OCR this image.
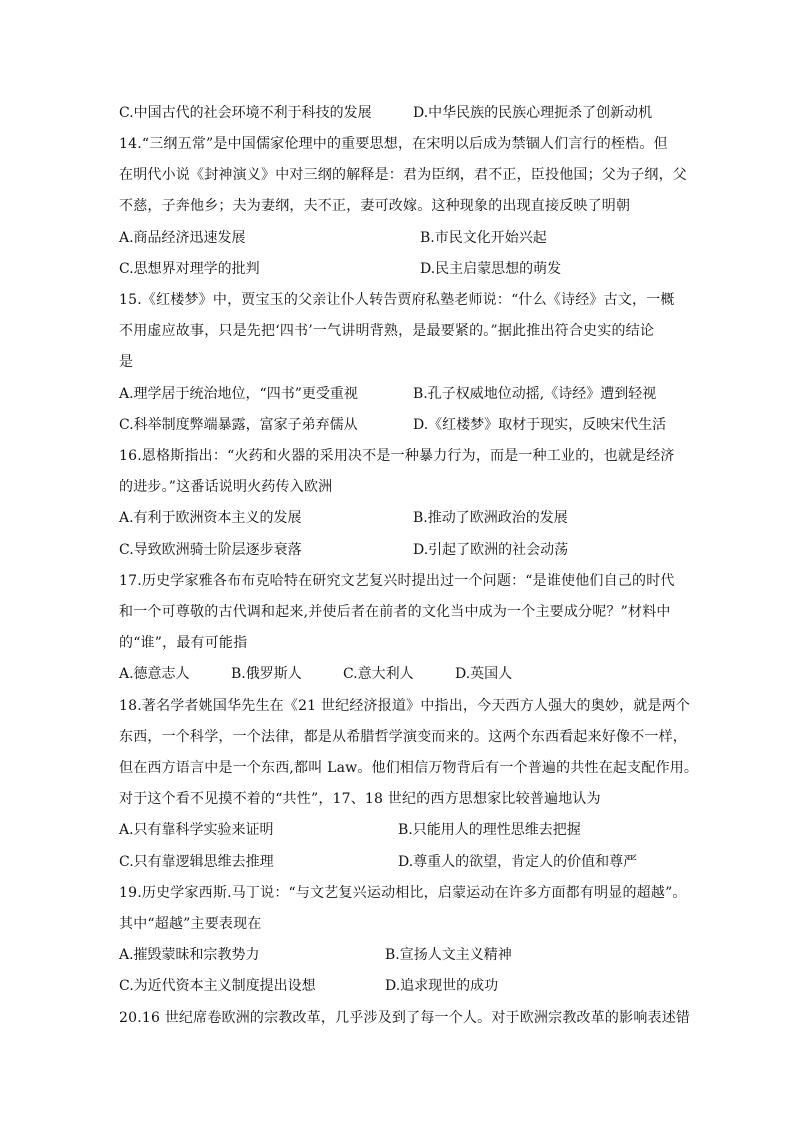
C.中国古代的社会环境不利于科技的发展	D.中华民族的民族心理扼杀了创新动机
14.“三纲五常”是中国儒家伦理中的重要思想，在宋明以后成为禁锢人们言行的桎梏。但
在明代小说《封神演义》中对三纲的解释是：君为臣纲，君不正，臣投他国；父为子纲，父
不慈，子奔他乡；夫为妻纲，夫不正，妻可改嫁。这种现象的出现直接反映了明朝
A.商品经济迅速发展	B.市民文化开始兴起
C.思想界对理学的批判	D.民主启蒙思想的萌发
15.《红楼梦》中，贾宝玉的父亲让仆人转告贾府私塾老师说：“什么《诗经》古文，一概
不用虚应故事，只是先把‘四书’一气讲明背熟，是最要紧的。”据此推出符合史实的结论
是
A.理学居于统治地位，“四书”更受重视	B.孔子权威地位动摇,《诗经》遭到轻视
C.科举制度弊端暴露，富家子弟弃儒从	D.《红楼梦》取材于现实，反映宋代生活
16.恩格斯指出：“火药和火器的采用决不是一种暴力行为，而是一种工业的，也就是经济
的进步。”这番话说明火药传入欧洲
A.有利于欧洲资本主义的发展	B.推动了欧洲政治的发展
C.导致欧洲骑士阶层逐步衰落	D.引起了欧洲的社会动荡
17.历史学家雅各布布克哈特在研究文艺复兴时提出过一个问题：“是谁使他们自己的时代
和一个可尊敬的古代调和起来,并使后者在前者的文化当中成为一个主要成分呢？”材料中
的“谁”，最有可能指
A.德意志人	B.俄罗斯人	C.意大利人	D.英国人
18.著名学者姚国华先生在《21 世纪经济报道》中指出，今天西方人强大的奥妙，就是两个
东西，一个科学，一个法律，都是从希腊哲学演变而来的。这两个东西看起来好像不一样，
但在西方语言中是一个东西,都叫 Law。他们相信万物背后有一个普遍的共性在起支配作用。
对于这个看不见摸不着的“共性”，17、18 世纪的西方思想家比较普遍地认为
A.只有靠科学实验来证明	B.只能用人的理性思维去把握
C.只有靠逻辑思维去推理	D.尊重人的欲望，肯定人的价值和尊严
19.历史学家西斯.马丁说：“与文艺复兴运动相比，启蒙运动在许多方面都有明显的超越”。
其中“超越”主要表现在
A.摧毁蒙昧和宗教势力	B.宣扬人文主义精神
C.为近代资本主义制度提出设想	D.追求现世的成功
20.16 世纪席卷欧洲的宗教改革，几乎涉及到了每一个人。对于欧洲宗教改革的影响表述错
